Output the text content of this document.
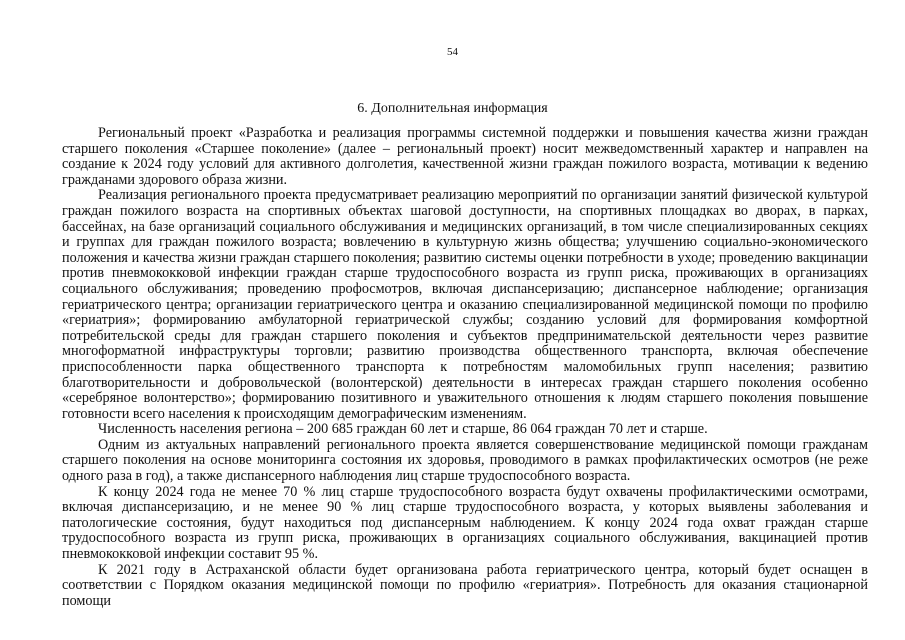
54
6. Дополнительная информация

Региональный проект «Разработка и реализация программы системной поддержки и повышения качества жизни граждан старшего поколения «Старшее поколение» (далее – региональный проект) носит межведомственный характер и направлен на создание к 2024 году условий для активного долголетия, качественной жизни граждан пожилого возраста, мотивации к ведению гражданами здорового образа жизни.

Реализация регионального проекта предусматривает реализацию мероприятий по организации занятий физической культурой граждан пожилого возраста на спортивных объектах шаговой доступности, на спортивных площадках во дворах, в парках, бассейнах, на базе организаций социального обслуживания и медицинских организаций, в том числе специализированных секциях и группах для граждан пожилого возраста; вовлечению в культурную жизнь общества; улучшению социально-экономического положения и качества жизни граждан старшего поколения; развитию системы оценки потребности в уходе; проведению вакцинации против пневмококковой инфекции граждан старше трудоспособного возраста из групп риска, проживающих в организациях социального обслуживания; проведению профосмотров, включая диспансеризацию; диспансерное наблюдение; организация гериатрического центра; организации гериатрического центра и оказанию специализированной медицинской помощи по профилю «гериатрия»; формированию амбулаторной гериатрической службы; созданию условий для формирования комфортной потребительской среды для граждан старшего поколения и субъектов предпринимательской деятельности через развитие многоформатной инфраструктуры торговли; развитию производства общественного транспорта, включая обеспечение приспособленности парка общественного транспорта к потребностям маломобильных групп населения; развитию благотворительности и добровольческой (волонтерской) деятельности в интересах граждан старшего поколения особенно «серебряное волонтерство»; формированию позитивного и уважительного отношения к людям старшего поколения повышение готовности всего населения к происходящим демографическим изменениям.

Численность населения региона – 200 685 граждан 60 лет и старше, 86 064 граждан 70 лет и старше.

Одним из актуальных направлений регионального проекта является совершенствование медицинской помощи гражданам старшего поколения на основе мониторинга состояния их здоровья, проводимого в рамках профилактических осмотров (не реже одного раза в год), а также диспансерного наблюдения лиц старше трудоспособного возраста.

К концу 2024 года не менее 70 % лиц старше трудоспособного возраста будут охвачены профилактическими осмотрами, включая диспансеризацию, и не менее 90 % лиц старше трудоспособного возраста, у которых выявлены заболевания и патологические состояния, будут находиться под диспансерным наблюдением. К концу 2024 года охват граждан старше трудоспособного возраста из групп риска, проживающих в организациях социального обслуживания, вакцинацией против пневмококковой инфекции составит 95 %.

К 2021 году в Астраханской области будет организована работа гериатрического центра, который будет оснащен в соответствии с Порядком оказания медицинской помощи по профилю «гериатрия». Потребность для оказания стационарной помощи
